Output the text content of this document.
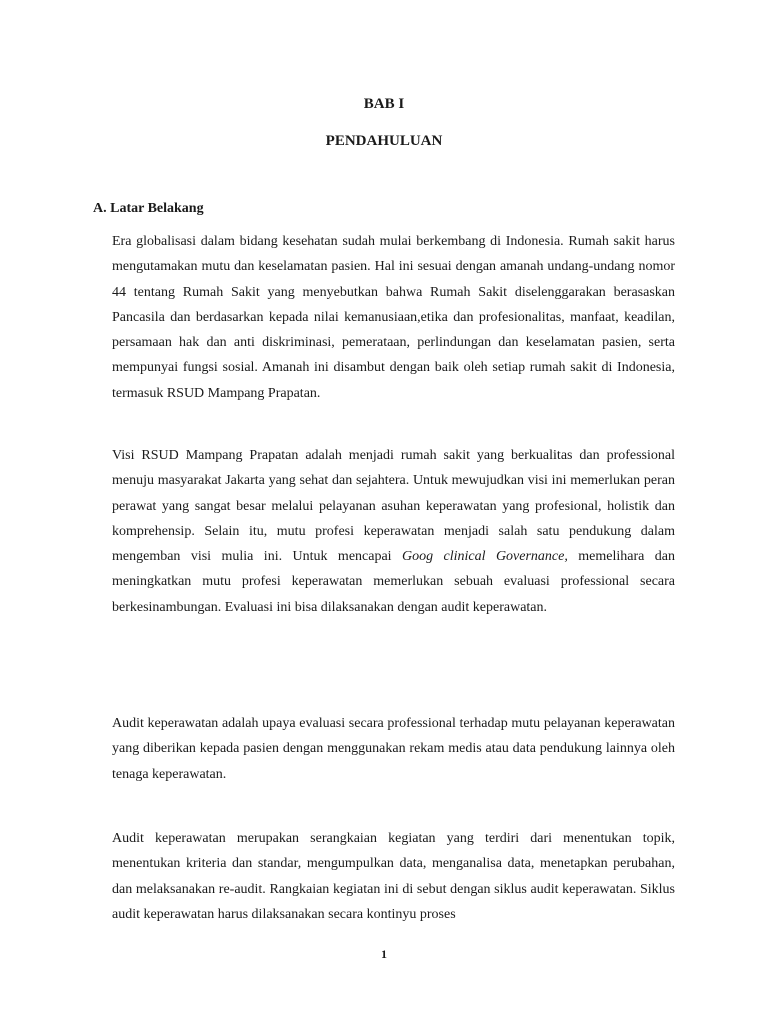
BAB I

PENDAHULUAN

A. Latar Belakang

Era globalisasi dalam bidang kesehatan sudah mulai berkembang di Indonesia. Rumah sakit harus mengutamakan mutu dan keselamatan pasien. Hal ini sesuai dengan amanah undang-undang nomor 44 tentang Rumah Sakit yang menyebutkan bahwa Rumah Sakit diselenggarakan berasaskan Pancasila dan berdasarkan kepada nilai kemanusiaan,etika dan profesionalitas, manfaat, keadilan, persamaan hak dan anti diskriminasi, pemerataan, perlindungan dan keselamatan pasien, serta mempunyai fungsi sosial. Amanah ini disambut dengan baik oleh setiap rumah sakit di Indonesia, termasuk RSUD Mampang Prapatan.

Visi RSUD Mampang Prapatan adalah menjadi rumah sakit yang berkualitas dan professional menuju masyarakat Jakarta yang sehat dan sejahtera. Untuk mewujudkan visi ini memerlukan peran perawat yang sangat besar melalui pelayanan asuhan keperawatan yang profesional, holistik dan komprehensip. Selain itu, mutu profesi keperawatan menjadi salah satu pendukung dalam mengemban visi mulia ini. Untuk mencapai Goog clinical Governance, memelihara dan meningkatkan mutu profesi keperawatan memerlukan sebuah evaluasi professional secara berkesinambungan. Evaluasi ini bisa dilaksanakan dengan audit keperawatan.

Audit keperawatan adalah upaya evaluasi secara professional terhadap mutu pelayanan keperawatan yang diberikan kepada pasien dengan menggunakan rekam medis atau data pendukung lainnya oleh tenaga keperawatan.

Audit keperawatan merupakan serangkaian kegiatan yang terdiri dari menentukan topik, menentukan kriteria dan standar, mengumpulkan data, menganalisa data, menetapkan perubahan, dan melaksanakan re-audit. Rangkaian kegiatan ini di sebut dengan siklus audit keperawatan. Siklus audit keperawatan harus dilaksanakan secara kontinyu proses

1
